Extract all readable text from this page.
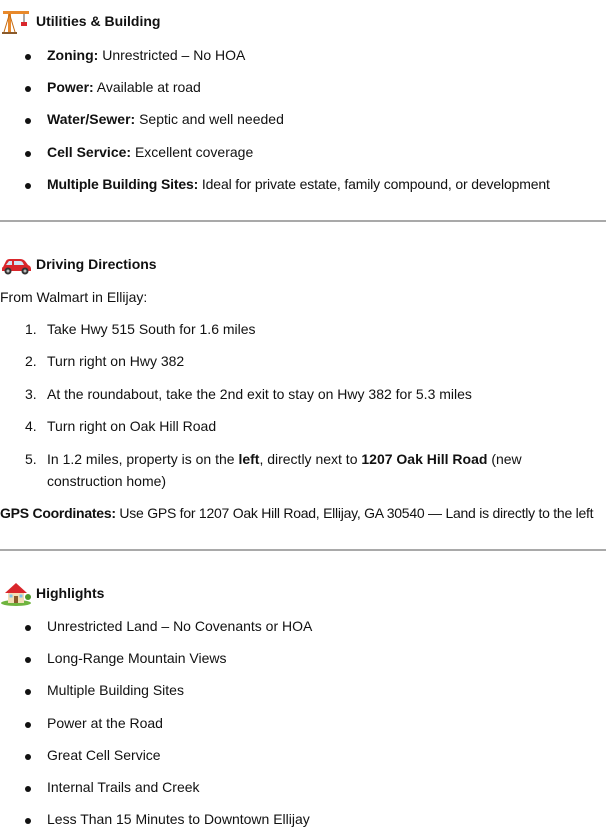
Utilities & Building
Zoning: Unrestricted – No HOA
Power: Available at road
Water/Sewer: Septic and well needed
Cell Service: Excellent coverage
Multiple Building Sites: Ideal for private estate, family compound, or development
Driving Directions
From Walmart in Ellijay:
1. Take Hwy 515 South for 1.6 miles
2. Turn right on Hwy 382
3. At the roundabout, take the 2nd exit to stay on Hwy 382 for 5.3 miles
4. Turn right on Oak Hill Road
5. In 1.2 miles, property is on the left, directly next to 1207 Oak Hill Road (new
construction home)
GPS Coordinates: Use GPS for 1207 Oak Hill Road, Ellijay, GA 30540 — Land is directly to the left
Highlights
Unrestricted Land – No Covenants or HOA
Long-Range Mountain Views
Multiple Building Sites
Power at the Road
Great Cell Service
Internal Trails and Creek
Less Than 15 Minutes to Downtown Ellijay
